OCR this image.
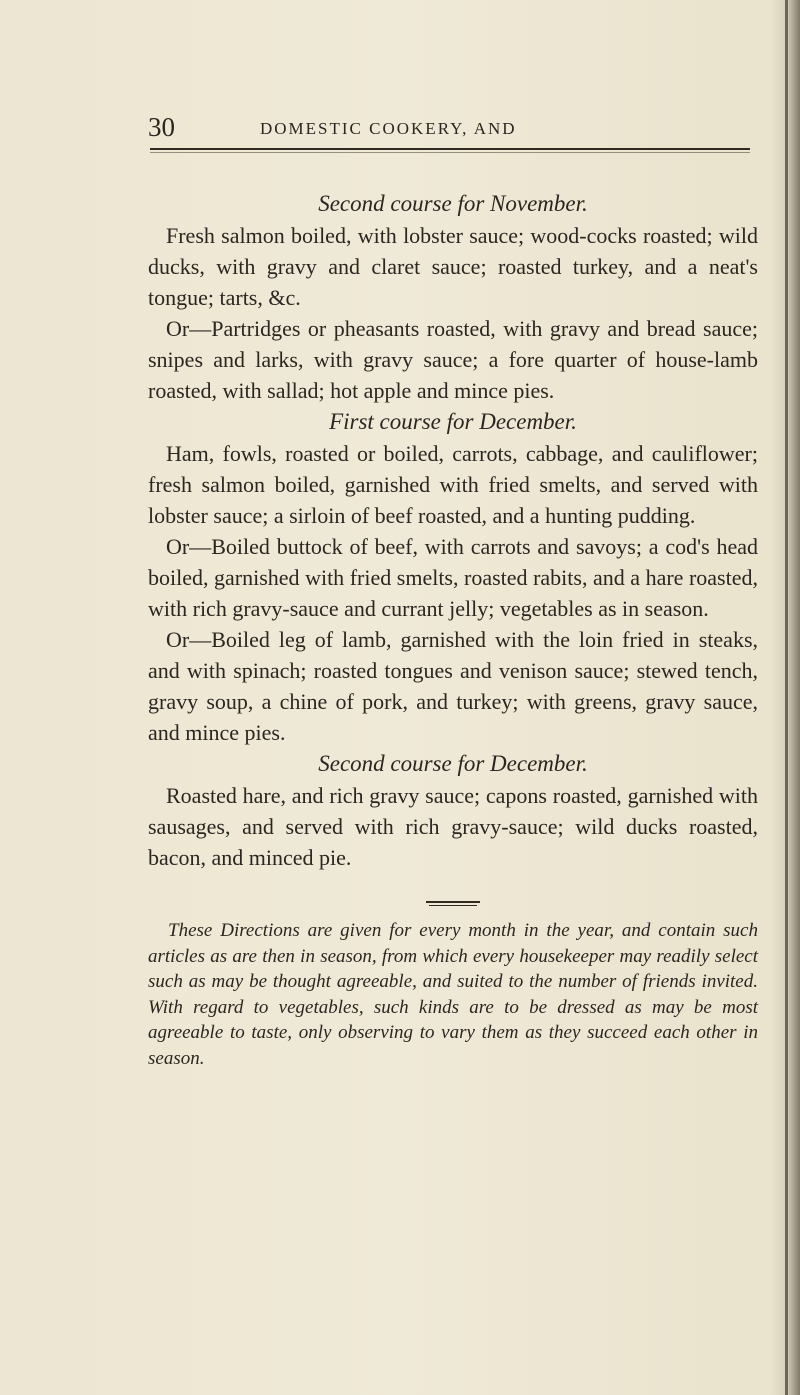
30	DOMESTIC COOKERY, AND

Second course for November.

Fresh salmon boiled, with lobster sauce; wood-cocks roasted; wild ducks, with gravy and claret sauce; roasted turkey, and a neat's tongue; tarts, &c.

Or—Partridges or pheasants roasted, with gravy and bread sauce; snipes and larks, with gravy sauce; a fore quarter of house-lamb roasted, with sallad; hot apple and mince pies.

First course for December.

Ham, fowls, roasted or boiled, carrots, cabbage, and cauliflower; fresh salmon boiled, garnished with fried smelts, and served with lobster sauce; a sirloin of beef roasted, and a hunting pudding.

Or—Boiled buttock of beef, with carrots and savoys; a cod's head boiled, garnished with fried smelts, roasted rabits, and a hare roasted, with rich gravy-sauce and currant jelly; vegetables as in season.

Or—Boiled leg of lamb, garnished with the loin fried in steaks, and with spinach; roasted tongues and venison sauce; stewed tench, gravy soup, a chine of pork, and turkey; with greens, gravy sauce, and mince pies.

Second course for December.

Roasted hare, and rich gravy sauce; capons roasted, garnished with sausages, and served with rich gravy-sauce; wild ducks roasted, bacon, and minced pie.

These Directions are given for every month in the year, and contain such articles as are then in season, from which every housekeeper may readily select such as may be thought agreeable, and suited to the number of friends invited. With regard to vegetables, such kinds are to be dressed as may be most agreeable to taste, only observing to vary them as they succeed each other in season.
